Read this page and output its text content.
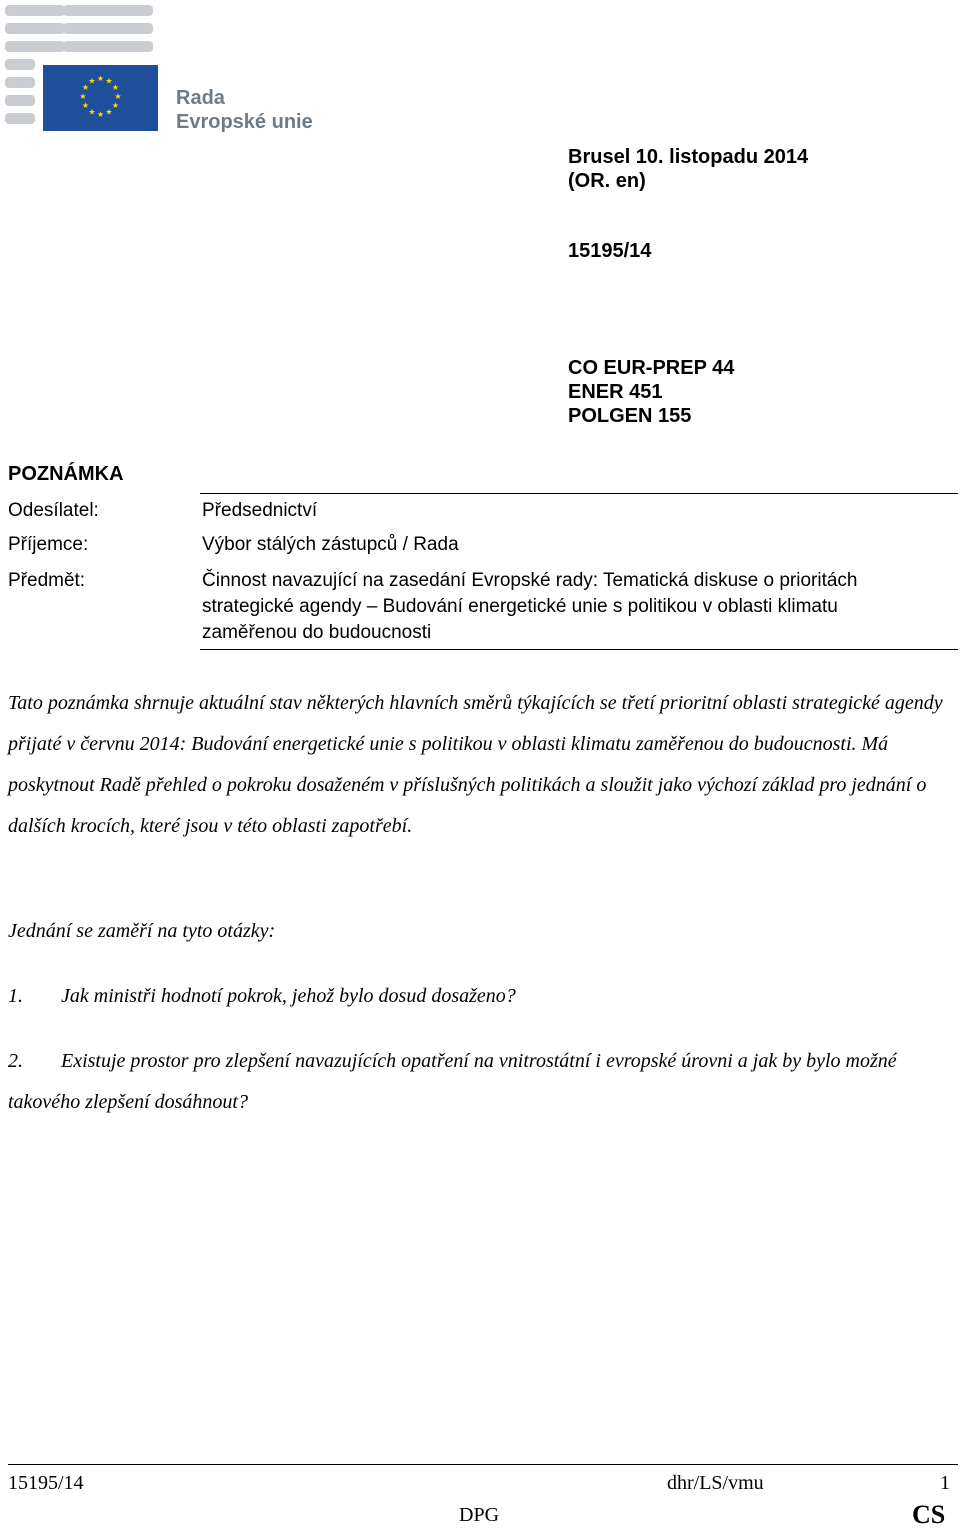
★ ★
★
★
★
★
★
★
★
★
★
★
Rada
Evropské unie
Brusel 10. listopadu 2014
(OR. en)
15195/14
CO EUR-PREP 44
ENER 451
POLGEN 155
POZNÁMKA
Odesílatel:	Předsednictví
Příjemce:	Výbor stálých zástupců / Rada
Předmět:	Činnost navazující na zasedání Evropské rady: Tematická diskuse o prioritách strategické agendy – Budování energetické unie s politikou v oblasti klimatu zaměřenou do budoucnosti
Tato poznámka shrnuje aktuální stav některých hlavních směrů týkajících se třetí prioritní oblasti strategické agendy přijaté v červnu 2014: Budování energetické unie s politikou v oblasti klimatu zaměřenou do budoucnosti. Má poskytnout Radě přehled o pokroku dosaženém v příslušných politikách a sloužit jako výchozí základ pro jednání o dalších krocích, které jsou v této oblasti zapotřebí.
Jednání se zaměří na tyto otázky:
1. Jak ministři hodnotí pokrok, jehož bylo dosud dosaženo?
2. Existuje prostor pro zlepšení navazujících opatření na vnitrostátní i evropské úrovni a jak by bylo možné takového zlepšení dosáhnout?
15195/14	dhr/LS/vmu	1
DPG	CS
